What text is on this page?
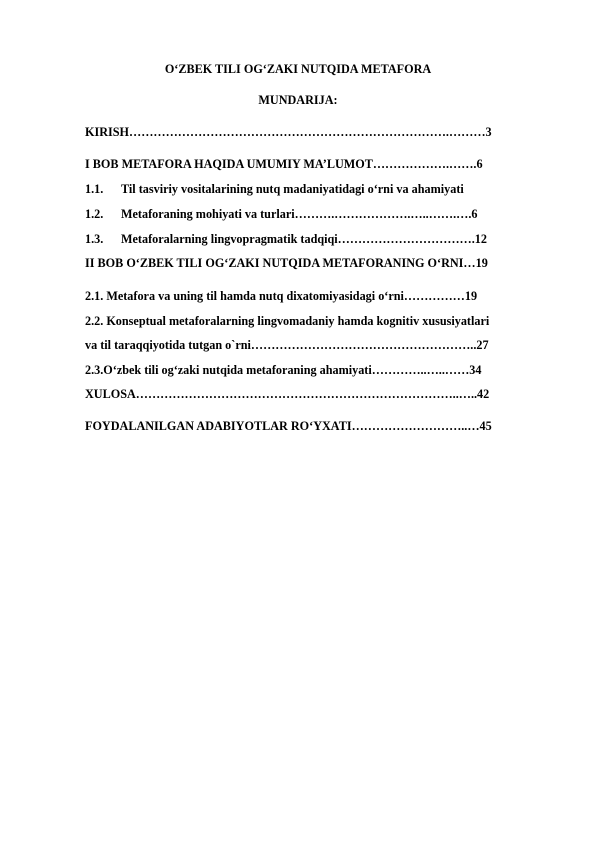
O‘ZBEK TILI OG‘ZAKI NUTQIDA METAFORA
MUNDARIJA:
KIRISH…………………………………………………………………….………3
I BOB METAFORA HAQIDA UMUMIY MA’LUMOT……………….…….6
1.1. Til tasviriy vositalarining nutq madaniyatidagi o‘rni va ahamiyati
1.2. Metaforaning mohiyati va turlari……….……………….…..…….….6
1.3. Metaforalarning lingvopragmatik tadqiqi…………………………….12
II BOB O‘ZBEK TILI OG‘ZAKI NUTQIDA METAFORANING O‘RNI…19
2.1. Metafora va uning til hamda nutq dixatomiyasidagi o‘rni……………19
2.2. Konseptual metaforalarning lingvomadaniy hamda kognitiv xususiyatlari
va til taraqqiyotida tutgan o`rni………………………………………………..27
2.3.O‘zbek tili og‘zaki nutqida metaforaning ahamiyati…………..…..……34
XULOSA……………………………………………………………………..…..42
FOYDALANILGAN ADABIYOTLAR RO‘YXATI………………………..…45
